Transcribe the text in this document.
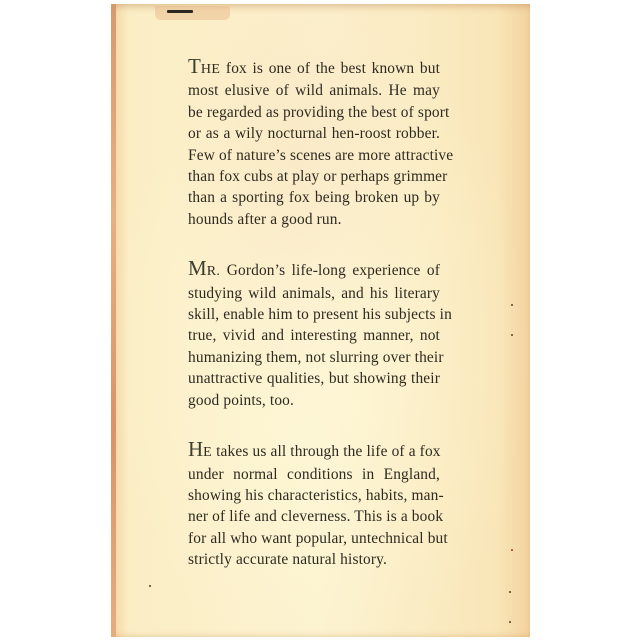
THE fox is one of the best known but
most elusive of wild animals. He may
be regarded as providing the best of sport
or as a wily nocturnal hen-roost robber.
Few of nature’s scenes are more attractive
than fox cubs at play or perhaps grimmer
than a sporting fox being broken up by
hounds after a good run.

MR. Gordon’s life-long experience of
studying wild animals, and his literary
skill, enable him to present his subjects in
true, vivid and interesting manner, not
humanizing them, not slurring over their
unattractive qualities, but showing their
good points, too.

HE takes us all through the life of a fox
under normal conditions in England,
showing his characteristics, habits, man-
ner of life and cleverness. This is a book
for all who want popular, untechnical but
strictly accurate natural history.
